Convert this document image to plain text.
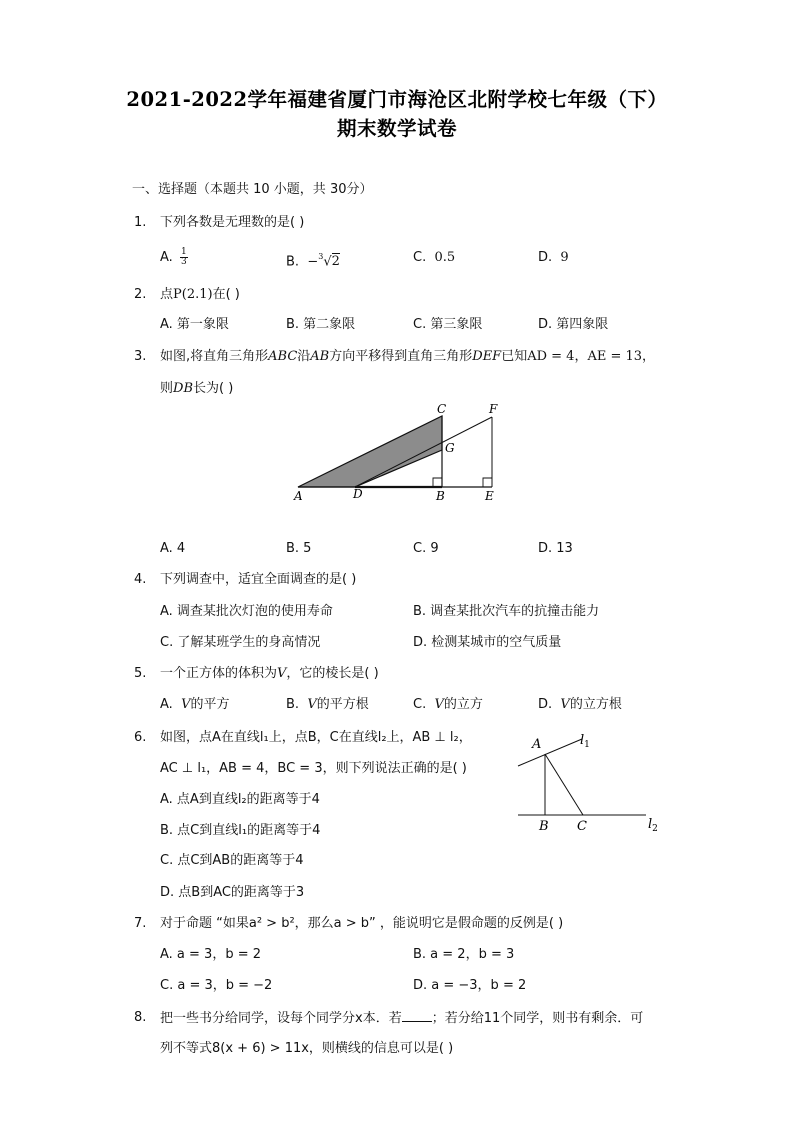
2021-2022学年福建省厦门市海沧区北附学校七年级（下）
期末数学试卷
一、选择题（本题共 10 小题，共 30分）
1.	下列各数是无理数的是( )
A. $\frac{1}{3}$	B. −$^3$√2	C. 0.5	D. 9
2.	点P(2.1)在( )
A. 第一象限	B. 第二象限	C. 第三象限	D. 第四象限
3.	如图,将直角三角形ABC沿AB方向平移得到直角三角形DEF已知AD = 4，AE = 13，
则DB长为( )
C	F
G
A	D	B	E
A. 4	B. 5	C. 9	D. 13
4.	下列调查中，适宜全面调查的是( )
A. 调查某批次灯泡的使用寿命	B. 调查某批次汽车的抗撞击能力
C. 了解某班学生的身高情况	D. 检测某城市的空气质量
5.	一个正方体的体积为V，它的棱长是( )
A. V的平方	B. V的平方根	C. V的立方	D. V的立方根
6.	如图，点A在直线l₁上，点B，C在直线l₂上，AB ⊥ l₂，
AC ⊥ l₁，AB = 4，BC = 3，则下列说法正确的是( )
A. 点A到直线l₂的距离等于4
B. 点C到直线l₁的距离等于4
C. 点C到AB的距离等于4
D. 点B到AC的距离等于3
A	$l_1$
B C	$l_2$
7.	对于命题 “如果a² > b²，那么a > b” ，能说明它是假命题的反例是( )
A. a = 3，b = 2	B. a = 2，b = 3
C. a = 3，b = −2	D. a = −3，b = 2
8.	把一些书分给同学，设每个同学分x本．若 ；若分给11个同学，则书有剩余．可
列不等式8(x + 6) > 11x，则横线的信息可以是( )
